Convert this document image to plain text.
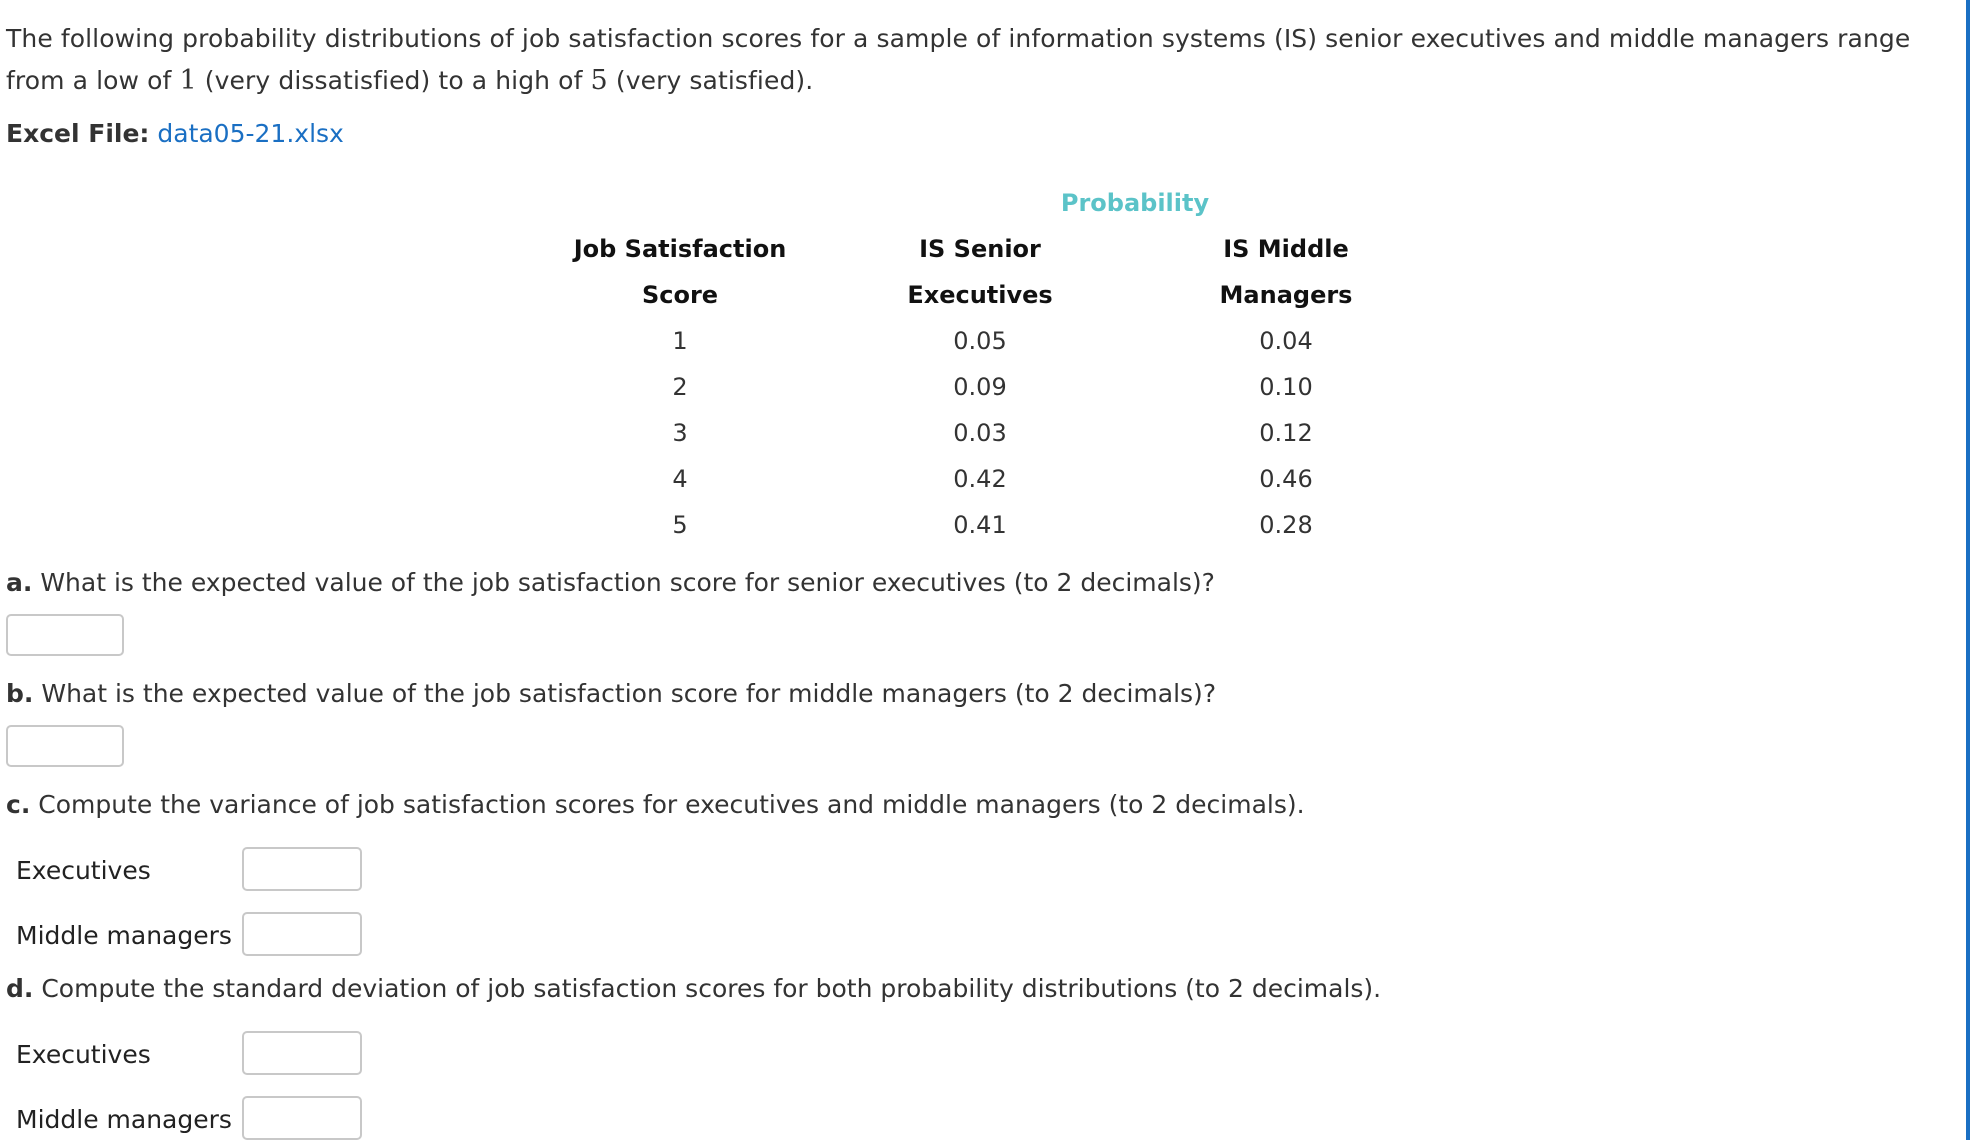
The following probability distributions of job satisfaction scores for a sample of information systems (IS) senior executives and middle managers range from a low of 1 (very dissatisfied) to a high of 5 (very satisfied).
Excel File: data05-21.xlsx
Probability
Job Satisfaction
Score
1
2
3
4
5
IS Senior
Executives
0.05
0.09
0.03
0.42
0.41
IS Middle
Managers
0.04
0.10
0.12
0.46
0.28
a. What is the expected value of the job satisfaction score for senior executives (to 2 decimals)?
b. What is the expected value of the job satisfaction score for middle managers (to 2 decimals)?
c. Compute the variance of job satisfaction scores for executives and middle managers (to 2 decimals).
Executives
Middle managers
d. Compute the standard deviation of job satisfaction scores for both probability distributions (to 2 decimals).
Executives
Middle managers
